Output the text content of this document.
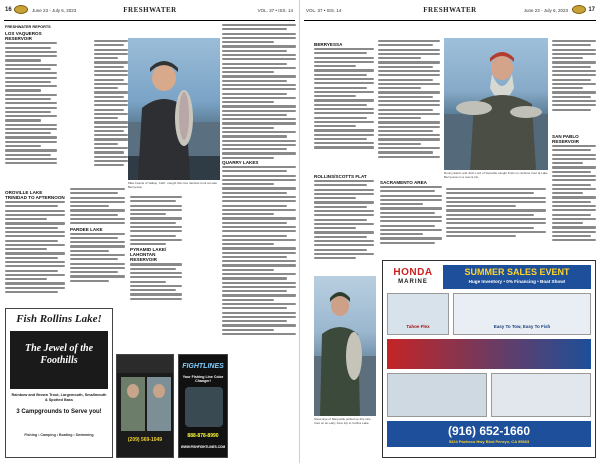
16	June 23 - July 6, 2023	FRESHWATER	VOL. 37 • ISS. 14
FRESHWATER REPORTS
LOS VAQUEROS RESERVOIR
OROVILLE LAKE TRINIDAD TO AFTERNOON
Mike Feazel of Vallejo, Calif., caught this nice rainbow trout at Lake Berryessa.
PARDEE LAKE
PYRAMID LAKE/ LAHONTAN RESERVOIR
QUARRY LAKES
Fish Rollins Lake!
The Jewel of the Foothills
Rainbow and Brown Trout, Largemouth, Smallmouth & Spotted Bass
3 Campgrounds to Serve you!
Fishing • Camping • Boating • Swimming
(209) 569-1049
FIGHTLINES
Your Fishing Line Color Changer!
888-878-8990
WWW.FISHFIGHTLINES.COM
VOL. 37 • ISS. 14	FRESHWATER	June 23 - July 6, 2023	17
BERRYESSA
Ronny Eaton and Josh Lord of Vacaville caught limits on rainbow trout at Lake Berryessa on a recent trip.
SAN PABLO RESERVOIR
ROLLINS/SCOTTS FLAT
SACRAMENTO AREA
Steve Eye of Marysville picked up this nice trout on an early June trip to Collins Lake.
HONDA
MARINE
SUMMER SALES EVENT
Huge Inventory • 0% Financing • Boat Show!
Tahoe Flex	Easy To Tow, Easy To Fish
(916) 652-1660
5324 Pacheco Hwy Blvd Penryn, CA 95663
